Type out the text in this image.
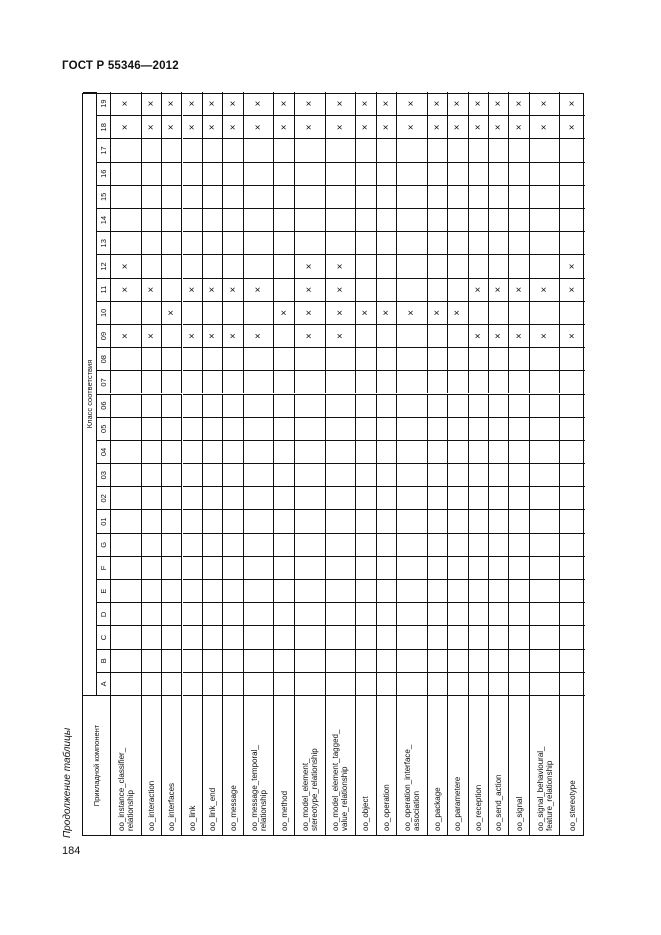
ГОСТ Р 55346—2012
Продолжение таблицы
184
Прикладной компонент
Класс соответствия
A
B
C
D
E
F
G
01
02
03
04
05
06
07
08
09
10
11
12
13
14
15
16
17
18
19
oo_instance_classifier_
relationship
×
×
×
×
×
oo_interaction
×
×
×
×
oo_interfaces
×
×
×
oo_link
×
×
×
×
oo_link_end
×
×
×
×
oo_message
×
×
×
×
oo_message_temporal_
relationship
×
×
×
×
oo_method
×
×
×
oo_model_element_
stereotype_relationship
×
×
×
×
×
×
oo_model_element_tagged_
value_relationship
×
×
×
×
×
×
oo_object
×
×
×
oo_operation
×
×
×
oo_operation_interface_
association
×
×
×
oo_package
×
×
×
oo_parametere
×
×
×
oo_reception
×
×
×
×
oo_send_action
×
×
×
×
oo_signal
×
×
×
×
oo_signal_behavioural_
feature_relationship
×
×
×
×
oo_stereotype
×
×
×
×
×
